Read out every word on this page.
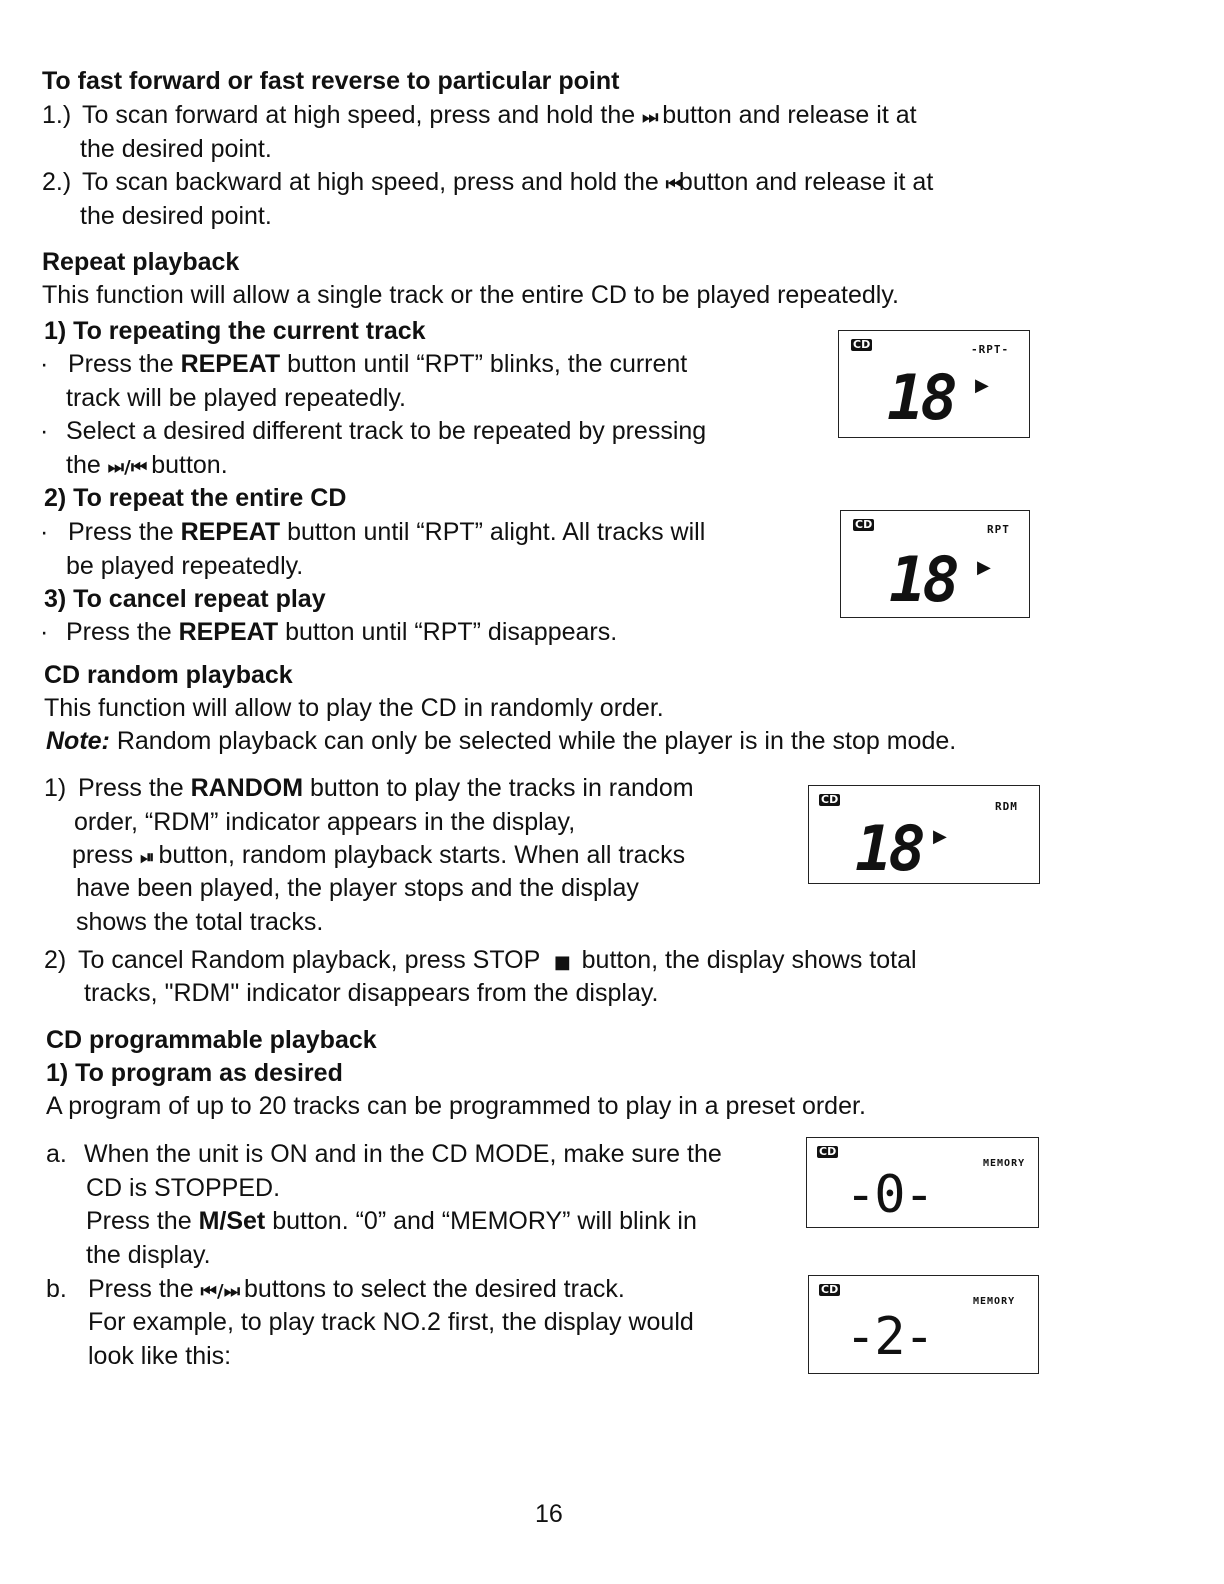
To fast forward or fast reverse to particular point
1.) To scan forward at high speed, press and hold the ⏭ button and release it at
the desired point.
2.) To scan backward at high speed, press and hold the ⏮button and release it at
the desired point.
Repeat playback
This function will allow a single track or the entire CD to be played repeatedly.
1) To repeating the current track
· Press the REPEAT button until “RPT” blinks, the current
track will be played repeatedly.
· Select a desired different track to be repeated by pressing
the ⏭ / ⏮ button.
2) To repeat the entire CD
· Press the REPEAT button until “RPT” alight. All tracks will
be played repeatedly.
3) To cancel repeat play
· Press the REPEAT button until “RPT” disappears.
CD	-RPT-
18 ▶
CD	RPT
18 ▶
CD random playback
This function will allow to play the CD in randomly order.
Note: Random playback can only be selected while the player is in the stop mode.
1) Press the RANDOM button to play the tracks in random
order, “RDM” indicator appears in the display,
press ⏯ button, random playback starts. When all tracks
have been played, the player stops and the display
shows the total tracks.
2) To cancel Random playback, press STOP ■ button, the display shows total
tracks, "RDM" indicator disappears from the display.
CD
RDM
18 ▶
CD programmable playback
1) To program as desired
A program of up to 20 tracks can be programmed to play in a preset order.
a. When the unit is ON and in the CD MODE, make sure the
CD is STOPPED.
Press the M/Set button. “0” and “MEMORY” will blink in
the display.
b. Press the ⏮ / ⏭ buttons to select the desired track.
For example, to play track NO.2 first, the display would
look like this:
CD
MEMORY
-0-
CD
MEMORY
-2-
16
